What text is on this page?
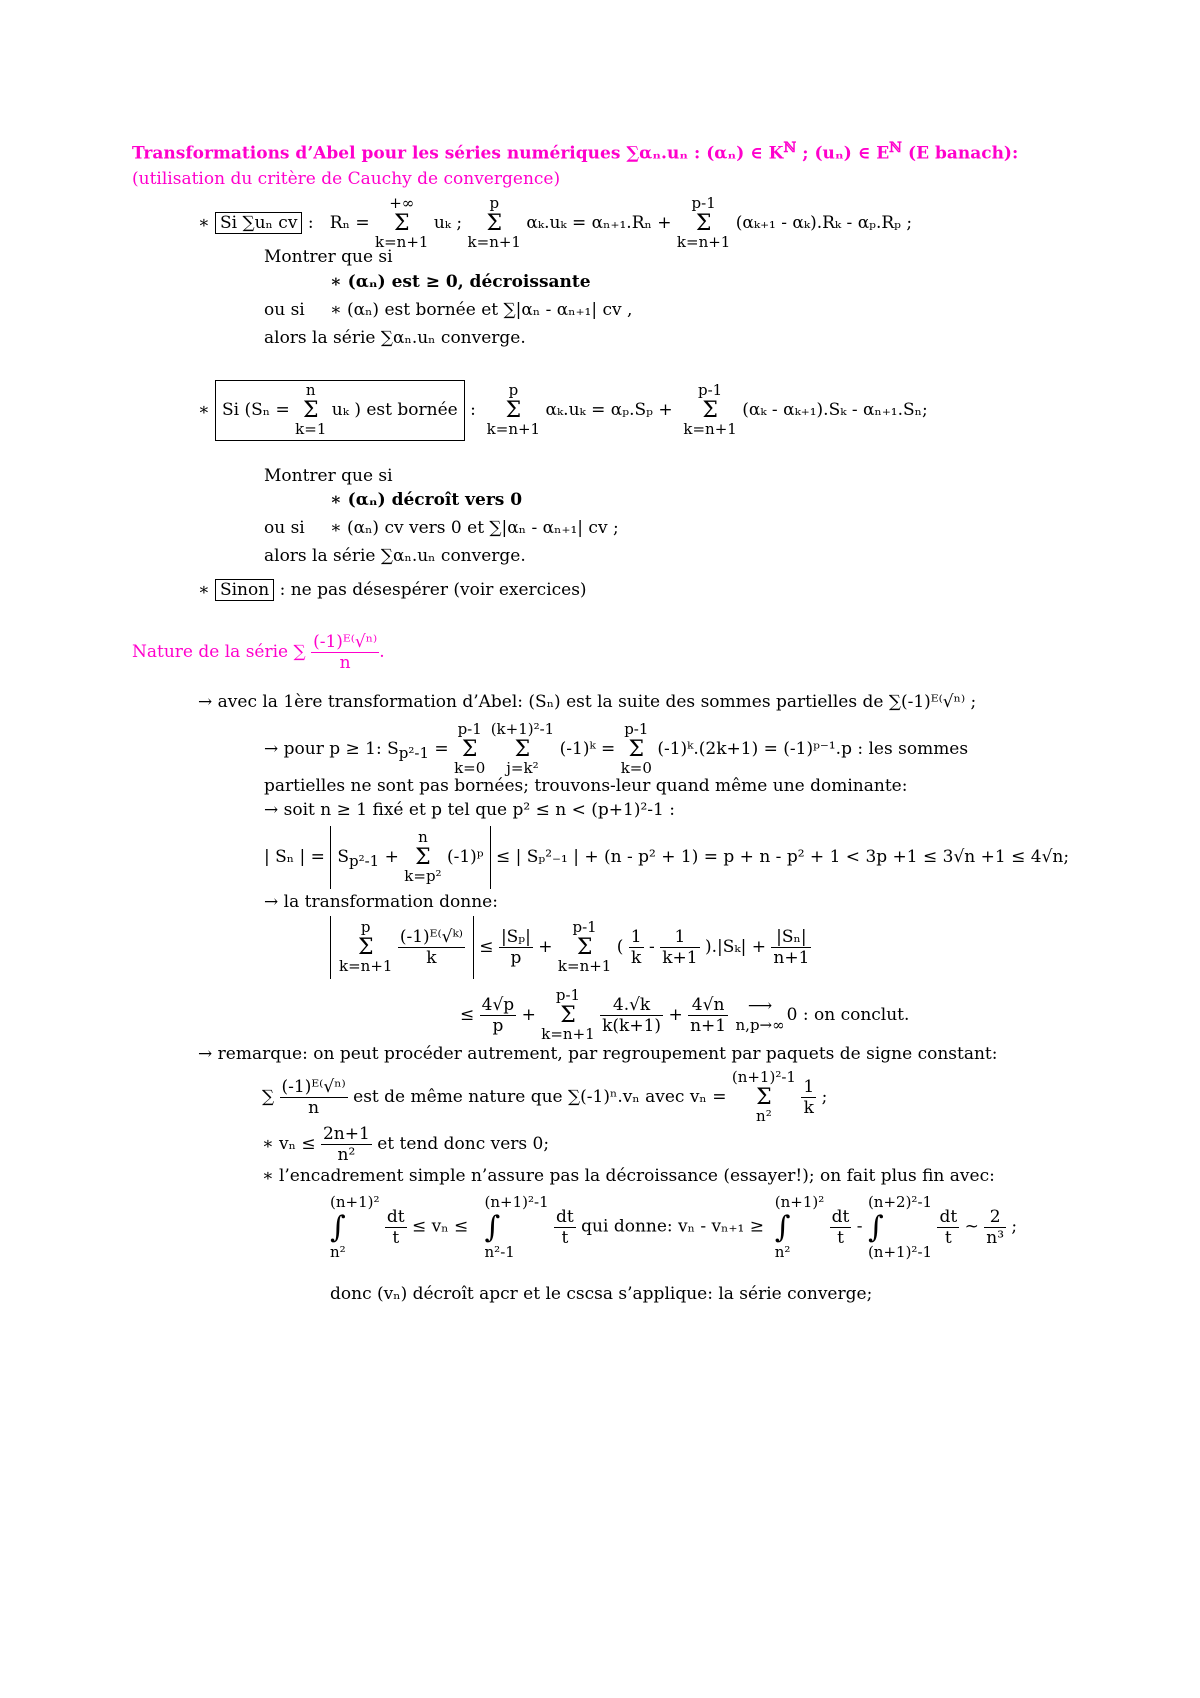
Transformations d’Abel pour les séries numériques ∑αₙ.uₙ : (αₙ) ∈ $K^ℕ$ ; (uₙ) ∈ $E^ℕ$ (E banach):
(utilisation du critère de Cauchy de convergence)
∗ Si ∑uₙ cv : Rₙ =
+∞
Σ
k=n+1
uₖ ;
p
Σ
k=n+1
αₖ.uₖ = αₙ₊₁.Rₙ +
p-1
Σ
k=n+1
(αₖ₊₁ - αₖ).Rₖ - αₚ.Rₚ ;
Montrer que si
∗ (αₙ) est ≥ 0, décroissante
ou si ∗ (αₙ) est bornée et ∑|αₙ - αₙ₊₁| cv ,
alors la série ∑αₙ.uₙ converge.
∗ Si (Sₙ =
n
Σ
k=1
uₖ ) est bornée :
p
Σ
k=n+1
αₖ.uₖ = αₚ.Sₚ +
p-1
Σ
k=n+1
(αₖ - αₖ₊₁).Sₖ - αₙ₊₁.Sₙ;
Montrer que si
∗ (αₙ) décroît vers 0
ou si ∗ (αₙ) cv vers 0 et ∑|αₙ - αₙ₊₁| cv ;
alors la série ∑αₙ.uₙ converge.
∗ Sinon : ne pas désespérer (voir exercices)
Nature de la série ∑ $\frac{\text{(-1)ᴱ⁽√ⁿ⁾}}{n}$ .
→ avec la 1ère transformation d’Abel: (Sₙ) est la suite des sommes partielles de ∑(-1)ᴱ⁽√ⁿ⁾ ;
→ pour p ≥ 1: $S_{p^2-1}$ =
p-1
Σ
k=0

(k+1)²-1
Σ
j=k²
(-1)ᵏ =
p-1
Σ
k=0
(-1)ᵏ.(2k+1) = (-1)ᵖ⁻¹.p : les sommes
partielles ne sont pas bornées; trouvons-leur quand même une dominante:
→ soit n ≥ 1 fixé et p tel que p² ≤ n < (p+1)²-1 :
| Sₙ | = $S_{p^2-1}$ +
n
Σ
k=p²
(-1)ᵖ ≤ | Sₚ²₋₁ | + (n - p² + 1) = p + n - p² + 1 < 3p +1 ≤ 3√n +1 ≤ 4√n;
→ la transformation donne:
p
Σ
k=n+1
$\frac{\text{(-1)ᴱ⁽√ᵏ⁾}}{k} \le \frac{\text{|Sₚ|}}{p}$ +
p-1
Σ
k=n+1
( $\frac{1}{k} - \frac{1}{k+1} ).|S_k| + \frac{\text{|Sₙ|}}{n+1}$
≤ $\frac{4√p}{p}$ +
p-1
Σ
k=n+1
$\frac{4.√k}{k(k+1)} + \frac{4√n}{n+1}$
	⟶
n,p→∞
0 : on conclut.
→ remarque: on peut procéder autrement, par regroupement par paquets de signe constant:
∑ $\frac{\text{(-1)ᴱ⁽√ⁿ⁾}}{n}$ est de même nature que ∑(-1)ⁿ.vₙ avec vₙ =
(n+1)²-1
Σ
n²
	$\frac{1}{k}$ ;
∗ $v_n \le \frac{2n+1}{\text{n²}}$ et tend donc vers 0;
∗ l’encadrement simple n’assure pas la décroissance (essayer!); on fait plus fin avec:
(n+1)²
∫
n²

$\frac{dt}{t} \le v_n$ ≤
(n+1)²-1
∫
n²-1

$\frac{dt}{t}$ qui donne: vₙ - vₙ₊₁ ≥
(n+1)²
∫
n²

$\frac{dt}{t}$ -
(n+2)²-1
∫
(n+1)²-1

$\frac{dt}{t}$ ~ $\frac{2}{\text{n³}}$ ;
donc (vₙ) décroît apcr et le cscsa s’applique: la série converge;
